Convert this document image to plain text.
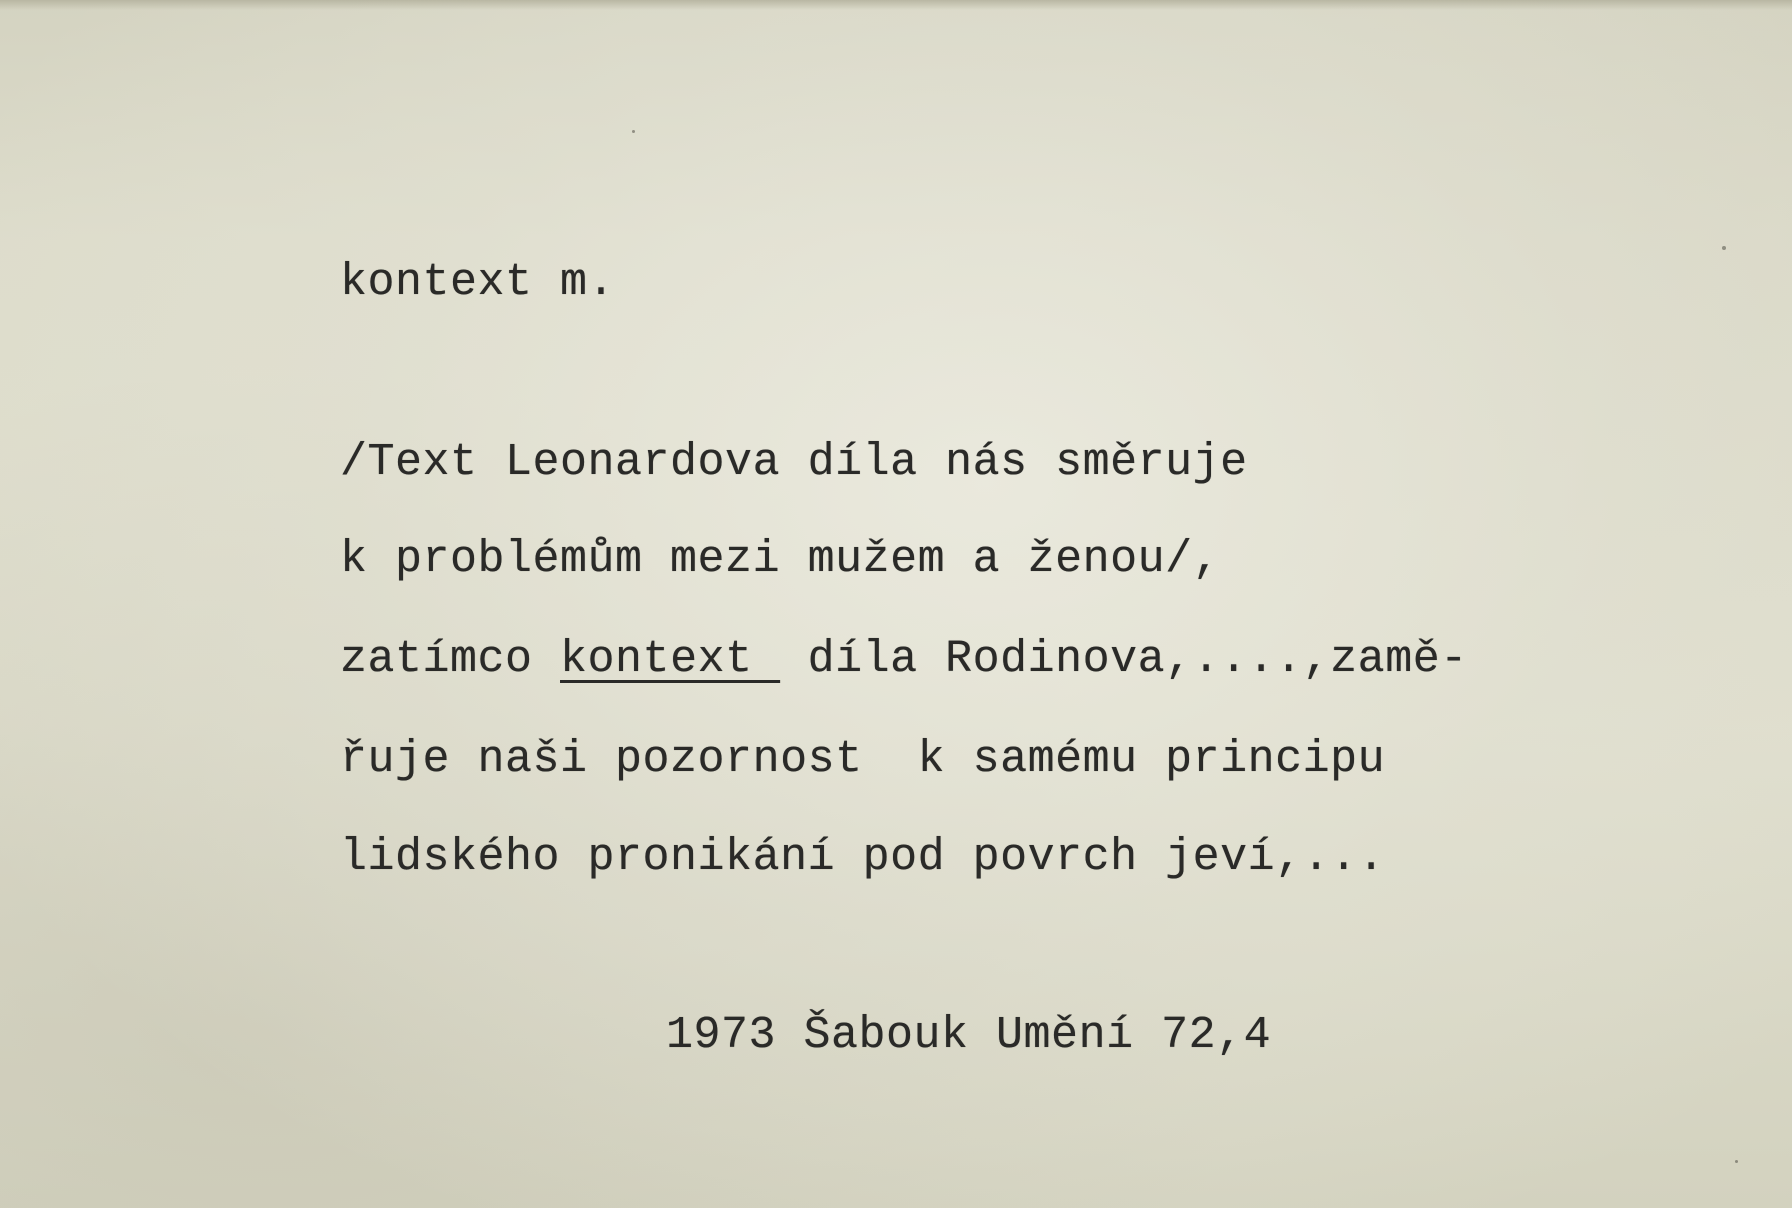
kontext m.
/Text Leonardova díla nás směruje
k problémům mezi mužem a ženou/,
zatímco kontext  díla Rodinova,....,zamě-
řuje naši pozornost  k samému principu
lidského pronikání pod povrch jeví,...
1973 Šabouk Umění 72,4
